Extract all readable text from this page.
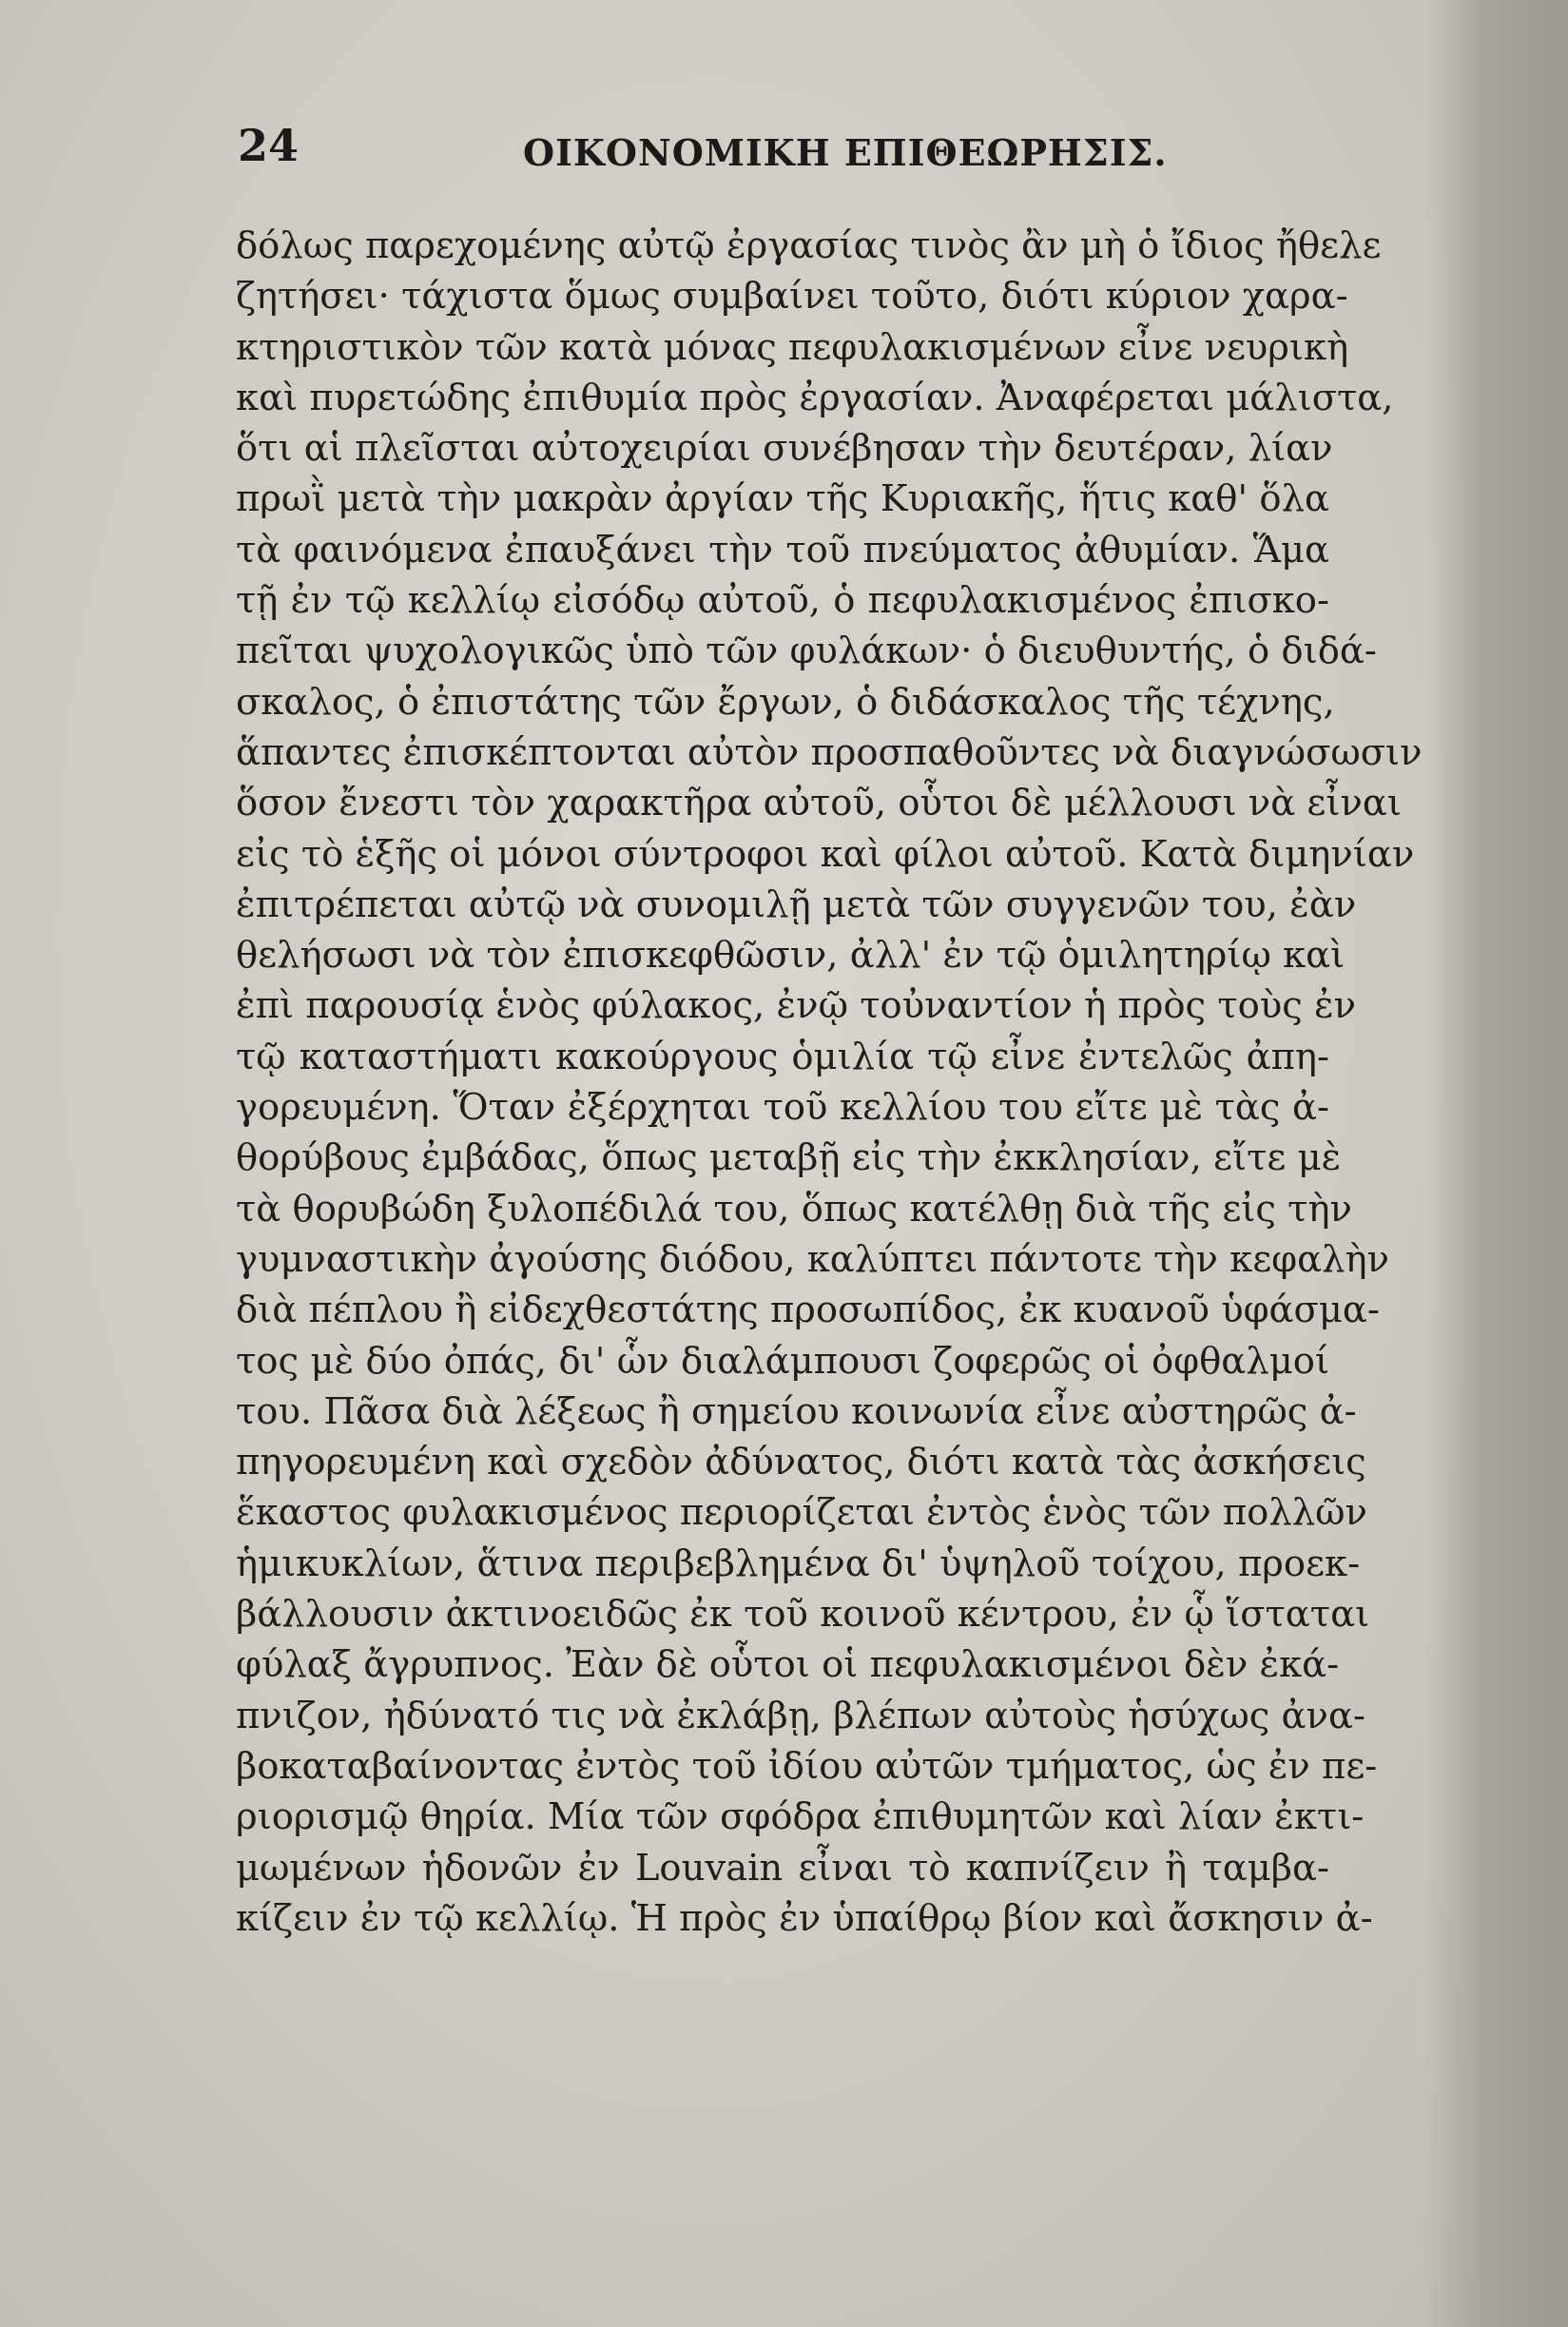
24	ΟΙΚΟΝΟΜΙΚΗ ΕΠΙΘΕΩΡΗΣΙΣ.
δόλως παρεχομένης αὐτῷ ἐργασίας τινὸς ἂν μὴ ὁ ἴδιος ἤθελε
ζητήσει· τάχιστα ὅμως συμβαίνει τοῦτο, διότι κύριον χαρα-
κτηριστικὸν τῶν κατὰ μόνας πεφυλακισμένων εἶνε νευρικὴ
καὶ πυρετώδης ἐπιθυμία πρὸς ἐργασίαν. Ἀναφέρεται μάλιστα,
ὅτι αἱ πλεῖσται αὐτοχειρίαι συνέβησαν τὴν δευτέραν, λίαν
πρωῒ μετὰ τὴν μακρὰν ἀργίαν τῆς Κυριακῆς, ἥτις καθ' ὅλα
τὰ φαινόμενα ἐπαυξάνει τὴν τοῦ πνεύματος ἀθυμίαν. Ἅμα
τῇ ἐν τῷ κελλίῳ εἰσόδῳ αὐτοῦ, ὁ πεφυλακισμένος ἐπισκο-
πεῖται ψυχολογικῶς ὑπὸ τῶν φυλάκων· ὁ διευθυντής, ὁ διδά-
σκαλος, ὁ ἐπιστάτης τῶν ἔργων, ὁ διδάσκαλος τῆς τέχνης,
ἅπαντες ἐπισκέπτονται αὐτὸν προσπαθοῦντες νὰ διαγνώσωσιν
ὅσον ἔνεστι τὸν χαρακτῆρα αὐτοῦ, οὗτοι δὲ μέλλουσι νὰ εἶναι
εἰς τὸ ἑξῆς οἱ μόνοι σύντροφοι καὶ φίλοι αὐτοῦ. Κατὰ διμηνίαν
ἐπιτρέπεται αὐτῷ νὰ συνομιλῇ μετὰ τῶν συγγενῶν του, ἐὰν
θελήσωσι νὰ τὸν ἐπισκεφθῶσιν, ἀλλ' ἐν τῷ ὁμιλητηρίῳ καὶ
ἐπὶ παρουσίᾳ ἑνὸς φύλακος, ἐνῷ τοὐναντίον ἡ πρὸς τοὺς ἐν
τῷ καταστήματι κακούργους ὁμιλία τῷ εἶνε ἐντελῶς ἀπη-
γορευμένη. Ὅταν ἐξέρχηται τοῦ κελλίου του εἴτε μὲ τὰς ἀ-
θορύβους ἐμβάδας, ὅπως μεταβῇ εἰς τὴν ἐκκλησίαν, εἴτε μὲ
τὰ θορυβώδη ξυλοπέδιλά του, ὅπως κατέλθῃ διὰ τῆς εἰς τὴν
γυμναστικὴν ἀγούσης διόδου, καλύπτει πάντοτε τὴν κεφαλὴν
διὰ πέπλου ἢ εἰδεχθεστάτης προσωπίδος, ἐκ κυανοῦ ὑφάσμα-
τος μὲ δύο ὀπάς, δι' ὧν διαλάμπουσι ζοφερῶς οἱ ὀφθαλμοί
του. Πᾶσα διὰ λέξεως ἢ σημείου κοινωνία εἶνε αὐστηρῶς ἀ-
πηγορευμένη καὶ σχεδὸν ἀδύνατος, διότι κατὰ τὰς ἀσκήσεις
ἕκαστος φυλακισμένος περιορίζεται ἐντὸς ἑνὸς τῶν πολλῶν
ἡμικυκλίων, ἅτινα περιβεβλημένα δι' ὑψηλοῦ τοίχου, προεκ-
βάλλουσιν ἀκτινοειδῶς ἐκ τοῦ κοινοῦ κέντρου, ἐν ᾧ ἵσταται
φύλαξ ἄγρυπνος. Ἐὰν δὲ οὗτοι οἱ πεφυλακισμένοι δὲν ἐκά-
πνιζον, ἠδύνατό τις νὰ ἐκλάβῃ, βλέπων αὐτοὺς ἡσύχως ἀνα-
βοκαταβαίνοντας ἐντὸς τοῦ ἰδίου αὐτῶν τμήματος, ὡς ἐν πε-
ριορισμῷ θηρία. Μία τῶν σφόδρα ἐπιθυμητῶν καὶ λίαν ἐκτι-
μωμένων ἡδονῶν ἐν Louvain εἶναι τὸ καπνίζειν ἢ ταμβα-
κίζειν ἐν τῷ κελλίῳ. Ἡ πρὸς ἐν ὑπαίθρῳ βίον καὶ ἄσκησιν ἀ-
